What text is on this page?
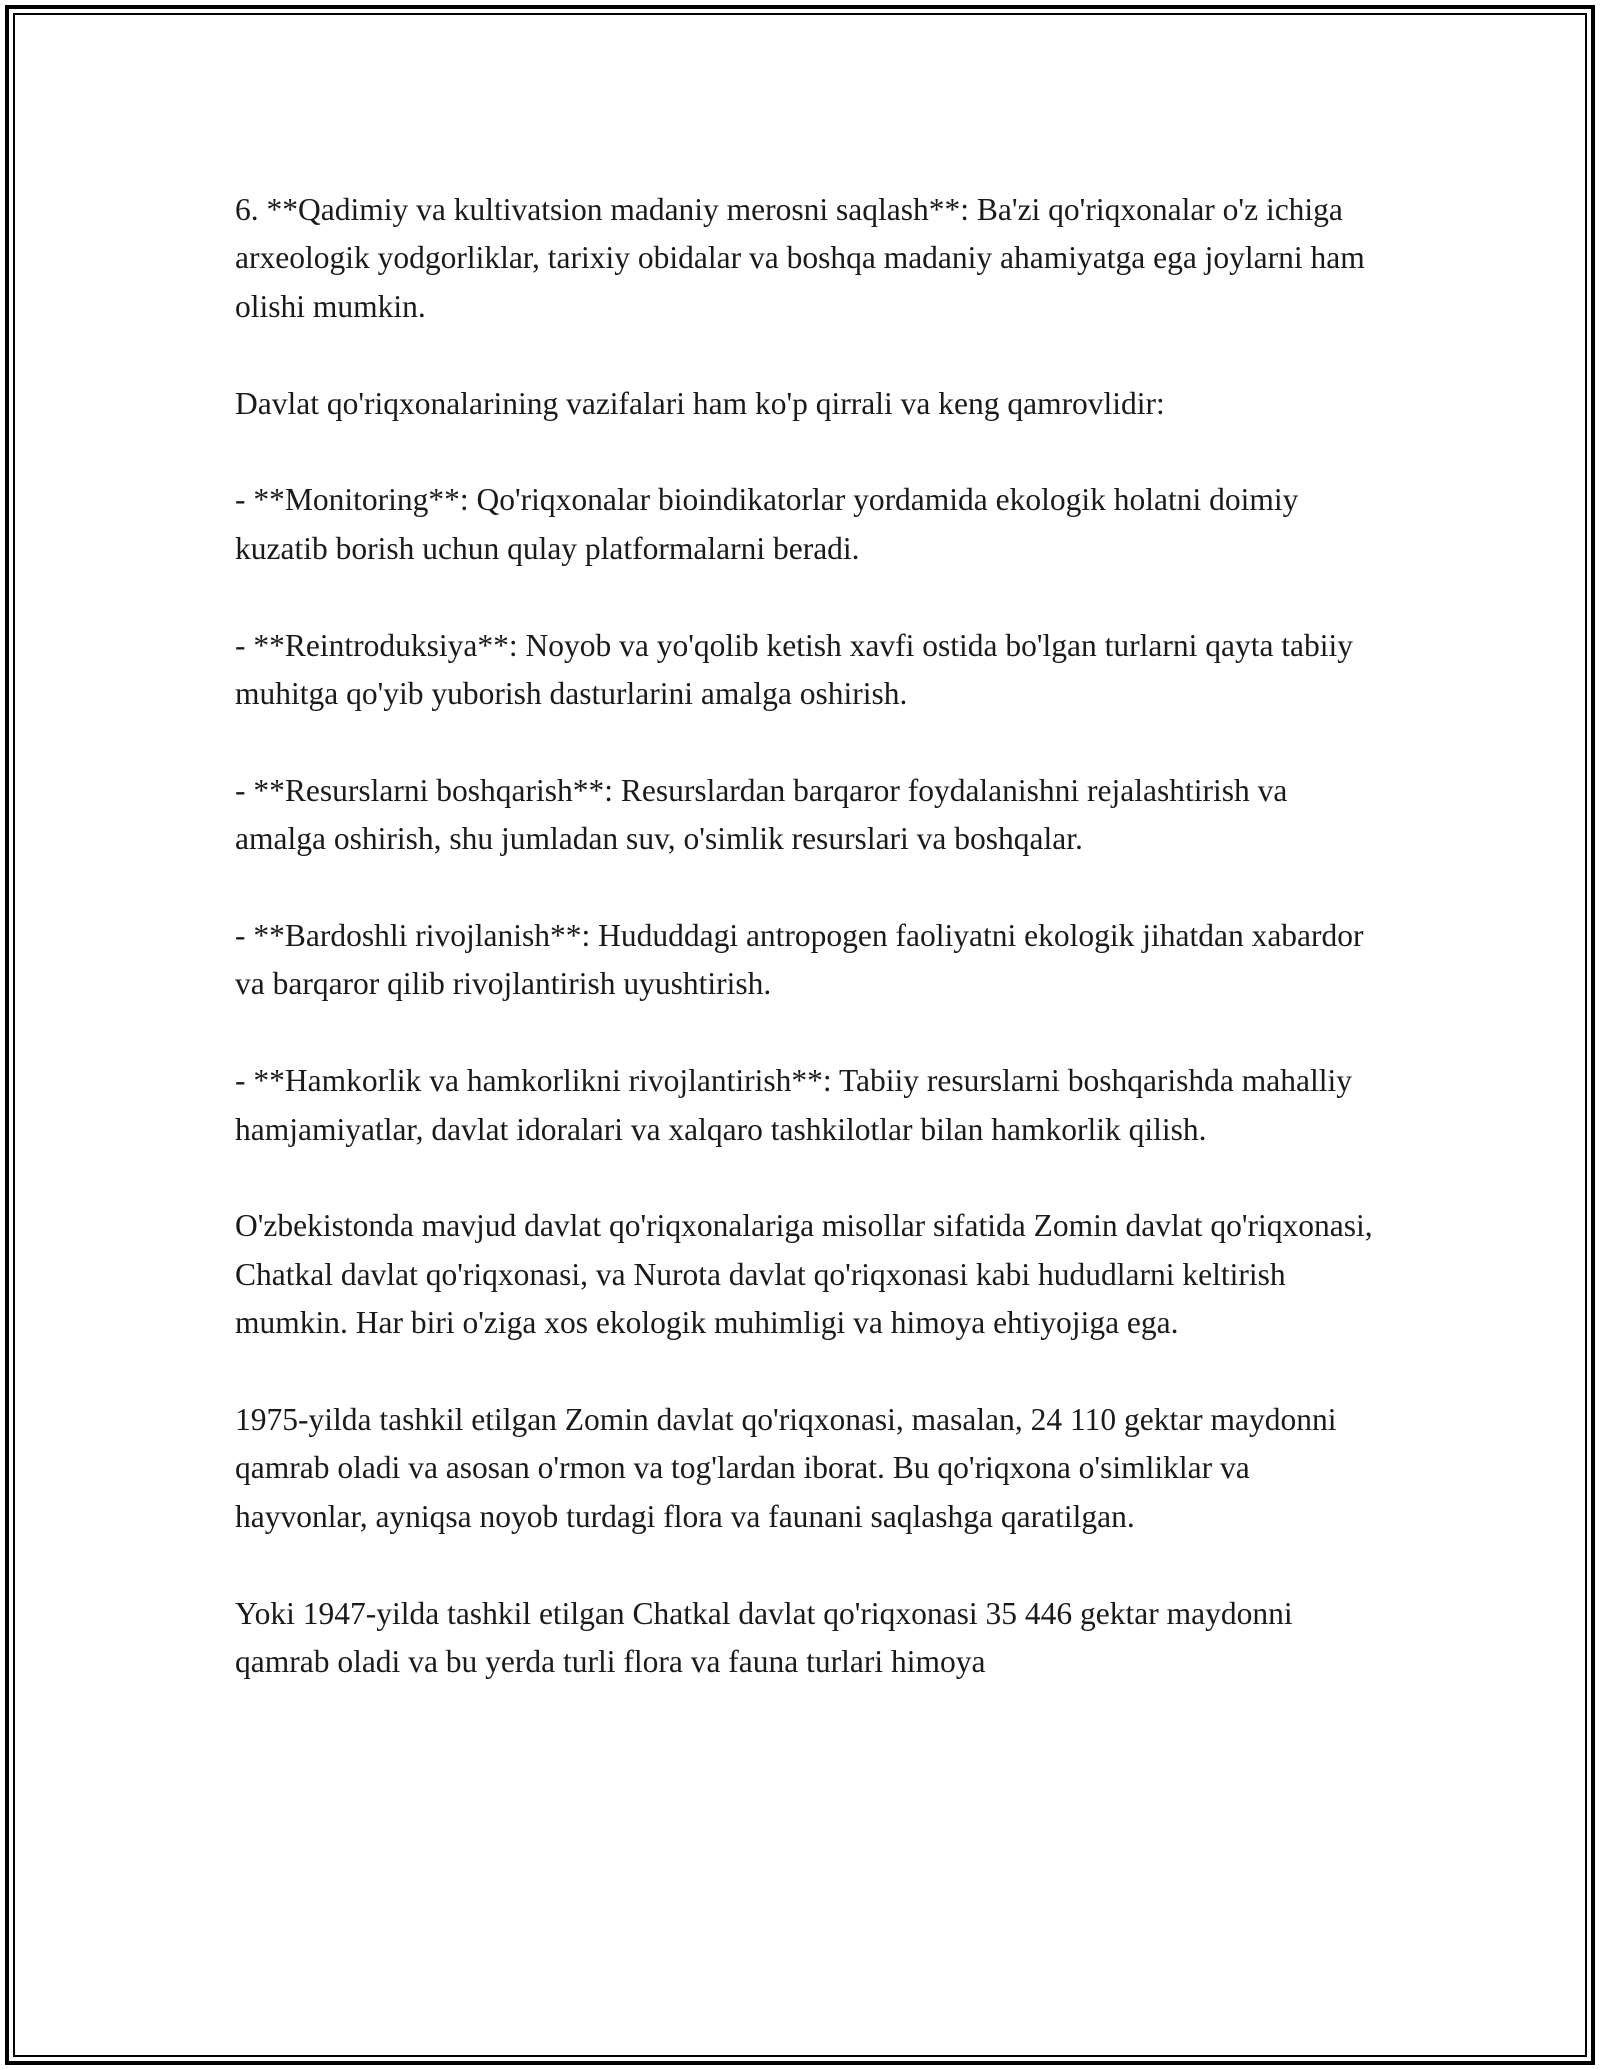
6. **Qadimiy va kultivatsion madaniy merosni saqlash**: Ba'zi qo'riqxonalar o'z ichiga arxeologik yodgorliklar, tarixiy obidalar va boshqa madaniy ahamiyatga ega joylarni ham olishi mumkin.

Davlat qo'riqxonalarining vazifalari ham ko'p qirrali va keng qamrovlidir:

- **Monitoring**: Qo'riqxonalar bioindikatorlar yordamida ekologik holatni doimiy kuzatib borish uchun qulay platformalarni beradi.

- **Reintroduksiya**: Noyob va yo'qolib ketish xavfi ostida bo'lgan turlarni qayta tabiiy muhitga qo'yib yuborish dasturlarini amalga oshirish.

- **Resurslarni boshqarish**: Resurslardan barqaror foydalanishni rejalashtirish va amalga oshirish, shu jumladan suv, o'simlik resurslari va boshqalar.

- **Bardoshli rivojlanish**: Hududdagi antropogen faoliyatni ekologik jihatdan xabardor va barqaror qilib rivojlantirish uyushtirish.

- **Hamkorlik va hamkorlikni rivojlantirish**: Tabiiy resurslarni boshqarishda mahalliy hamjamiyatlar, davlat idoralari va xalqaro tashkilotlar bilan hamkorlik qilish.

O'zbekistonda mavjud davlat qo'riqxonalariga misollar sifatida Zomin davlat qo'riqxonasi, Chatkal davlat qo'riqxonasi, va Nurota davlat qo'riqxonasi kabi hududlarni keltirish mumkin. Har biri o'ziga xos ekologik muhimligi va himoya ehtiyojiga ega.

1975-yilda tashkil etilgan Zomin davlat qo'riqxonasi, masalan, 24 110 gektar maydonni qamrab oladi va asosan o'rmon va tog'lardan iborat. Bu qo'riqxona o'simliklar va hayvonlar, ayniqsa noyob turdagi flora va faunani saqlashga qaratilgan.

Yoki 1947-yilda tashkil etilgan Chatkal davlat qo'riqxonasi 35 446 gektar maydonni qamrab oladi va bu yerda turli flora va fauna turlari himoya
